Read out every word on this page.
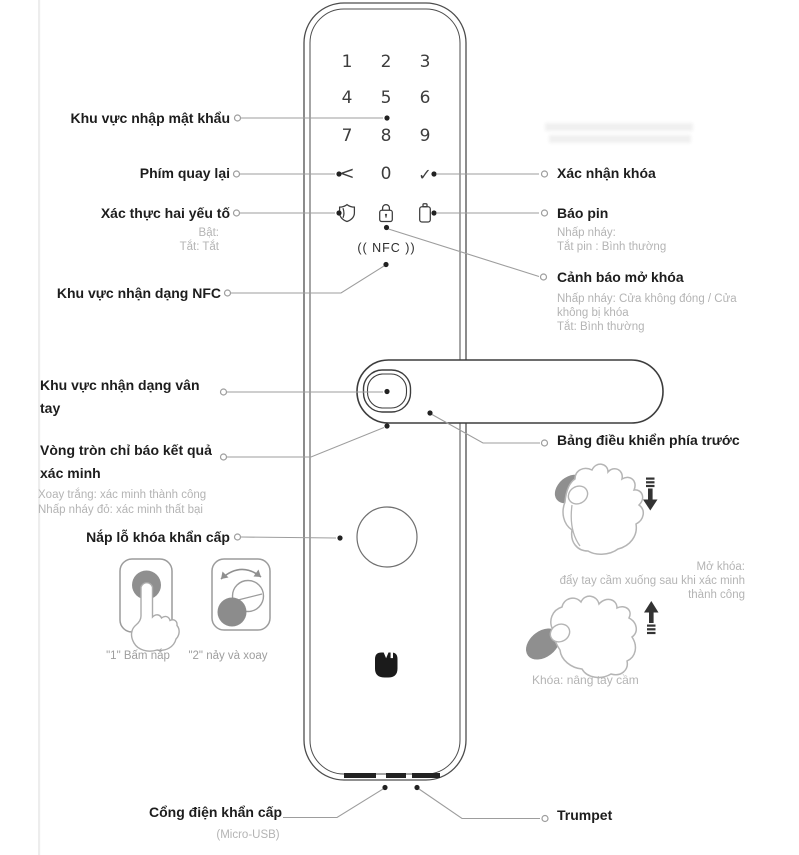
1	2	3
4	5	6
7	8	9
<	0	✓
(( NFC ))
Khu vực nhập mật khẩu
Phím quay lại
Xác thực hai yếu tố
Bật:
Tắt: Tắt
Khu vực nhận dạng NFC
Khu vực nhận dạng vân
tay
Vòng tròn chỉ báo kết quả
xác minh
Xoay trắng: xác minh thành công
Nhấp nháy đỏ: xác minh thất bại
Nắp lỗ khóa khẩn cấp
"1" Bấm nắp	"2" nảy và xoay
Cổng điện khẩn cấp
(Micro-USB)
Xác nhận khóa
Báo pin
Nhấp nháy:
Tắt pin : Bình thường
Cảnh báo mở khóa
Nhấp nháy: Cửa không đóng / Cửa
không bị khóa
Tắt: Bình thường
Bảng điều khiển phía trước
Trumpet
Mở khóa:
đẩy tay cầm xuống sau khi xác minh
thành công
Khóa: nâng tay cầm
